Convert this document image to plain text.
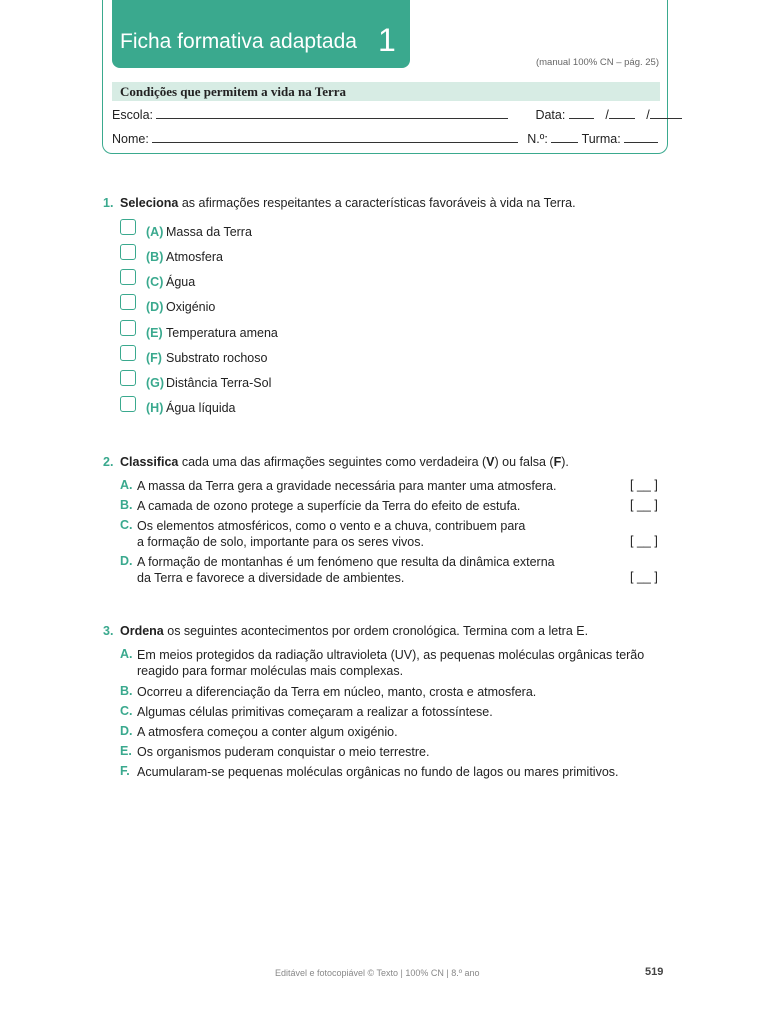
Ficha formativa adaptada 1
(manual 100% CN – pág. 25)
Condições que permitem a vida na Terra
Escola:	Data:	/	/
Nome:	N.º:	Turma:
1. Seleciona as afirmações respeitantes a características favoráveis à vida na Terra.
(A) Massa da Terra
(B) Atmosfera
(C) Água
(D) Oxigénio
(E) Temperatura amena
(F) Substrato rochoso
(G) Distância Terra-Sol
(H) Água líquida
2. Classifica cada uma das afirmações seguintes como verdadeira (V) ou falsa (F).
A. A massa da Terra gera a gravidade necessária para manter uma atmosfera.	[ __ ]
B. A camada de ozono protege a superfície da Terra do efeito de estufa.	[ __ ]
C. Os elementos atmosféricos, como o vento e a chuva, contribuem para
a formação de solo, importante para os seres vivos.	[ __ ]
D. A formação de montanhas é um fenómeno que resulta da dinâmica externa
da Terra e favorece a diversidade de ambientes.	[ __ ]
3. Ordena os seguintes acontecimentos por ordem cronológica. Termina com a letra E.
A. Em meios protegidos da radiação ultravioleta (UV), as pequenas moléculas orgânicas terão
reagido para formar moléculas mais complexas.
B. Ocorreu a diferenciação da Terra em núcleo, manto, crosta e atmosfera.
C. Algumas células primitivas começaram a realizar a fotossíntese.
D. A atmosfera começou a conter algum oxigénio.
E. Os organismos puderam conquistar o meio terrestre.
F. Acumularam-se pequenas moléculas orgânicas no fundo de lagos ou mares primitivos.
Editável e fotocopiável © Texto | 100% CN | 8.º ano	519
